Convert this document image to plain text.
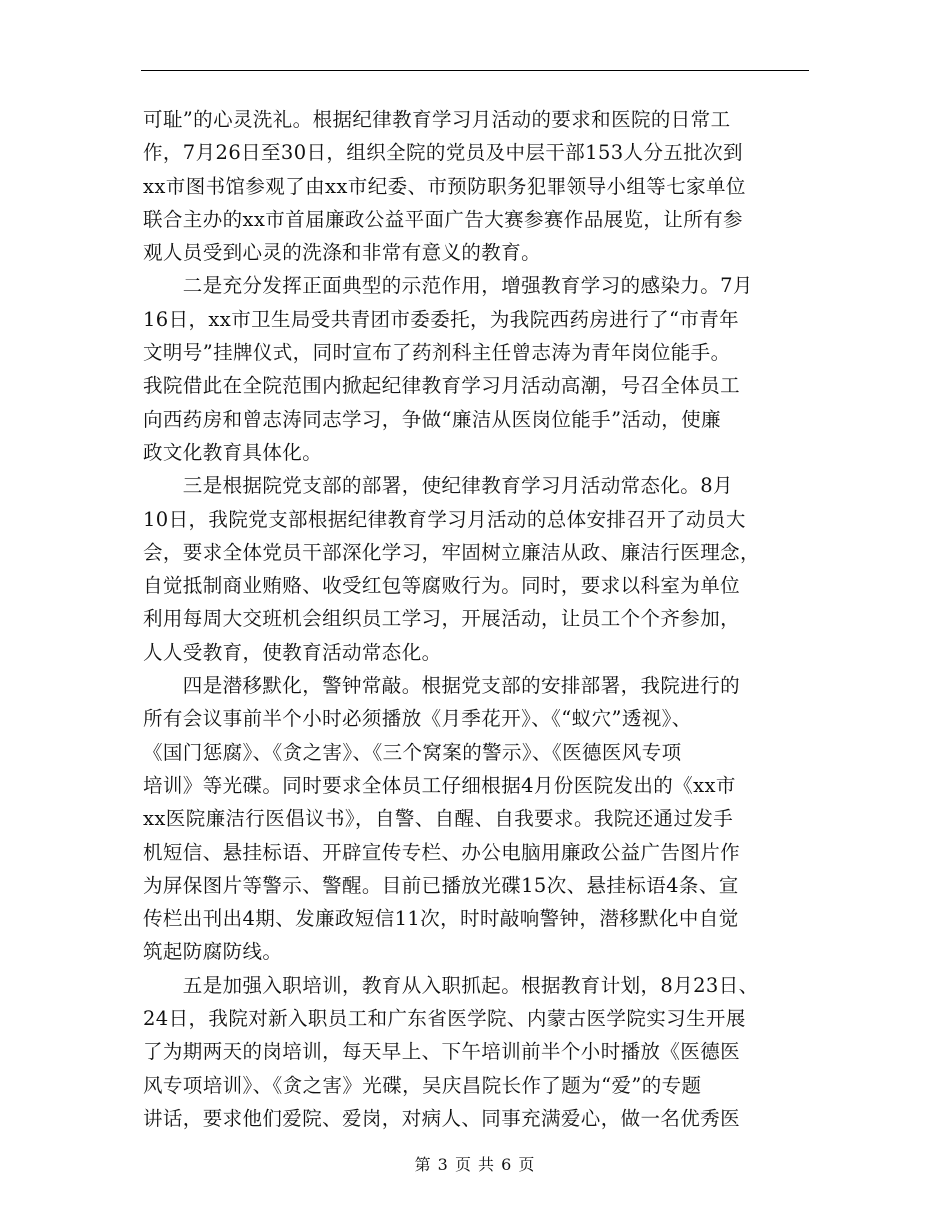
可耻”的心灵洗礼。根据纪律教育学习月活动的要求和医院的日常工
作，7月26日至30日，组织全院的党员及中层干部153人分五批次到
xx市图书馆参观了由xx市纪委、市预防职务犯罪领导小组等七家单位
联合主办的xx市首届廉政公益平面广告大赛参赛作品展览，让所有参
观人员受到心灵的洗涤和非常有意义的教育。
　　二是充分发挥正面典型的示范作用，增强教育学习的感染力。7月
16日，xx市卫生局受共青团市委委托，为我院西药房进行了“市青年
文明号”挂牌仪式，同时宣布了药剂科主任曾志涛为青年岗位能手。
我院借此在全院范围内掀起纪律教育学习月活动高潮，号召全体员工
向西药房和曾志涛同志学习，争做“廉洁从医岗位能手”活动，使廉
政文化教育具体化。
　　三是根据院党支部的部署，使纪律教育学习月活动常态化。8月
10日，我院党支部根据纪律教育学习月活动的总体安排召开了动员大
会，要求全体党员干部深化学习，牢固树立廉洁从政、廉洁行医理念，
自觉抵制商业贿赂、收受红包等腐败行为。同时，要求以科室为单位
利用每周大交班机会组织员工学习，开展活动，让员工个个齐参加，
人人受教育，使教育活动常态化。
　　四是潜移默化，警钟常敲。根据党支部的安排部署，我院进行的
所有会议事前半个小时必须播放《月季花开》、《“蚁穴”透视》、
《国门惩腐》、《贪之害》、《三个窝案的警示》、《医德医风专项
培训》等光碟。同时要求全体员工仔细根据4月份医院发出的《xx市
xx医院廉洁行医倡议书》，自警、自醒、自我要求。我院还通过发手
机短信、悬挂标语、开辟宣传专栏、办公电脑用廉政公益广告图片作
为屏保图片等警示、警醒。目前已播放光碟15次、悬挂标语4条、宣
传栏出刊出4期、发廉政短信11次，时时敲响警钟，潜移默化中自觉
筑起防腐防线。
　　五是加强入职培训，教育从入职抓起。根据教育计划，8月23日、
24日，我院对新入职员工和广东省医学院、内蒙古医学院实习生开展
了为期两天的岗培训，每天早上、下午培训前半个小时播放《医德医
风专项培训》、《贪之害》光碟，吴庆昌院长作了题为“爱”的专题
讲话，要求他们爱院、爱岗，对病人、同事充满爱心，做一名优秀医
第 3 页 共 6 页
